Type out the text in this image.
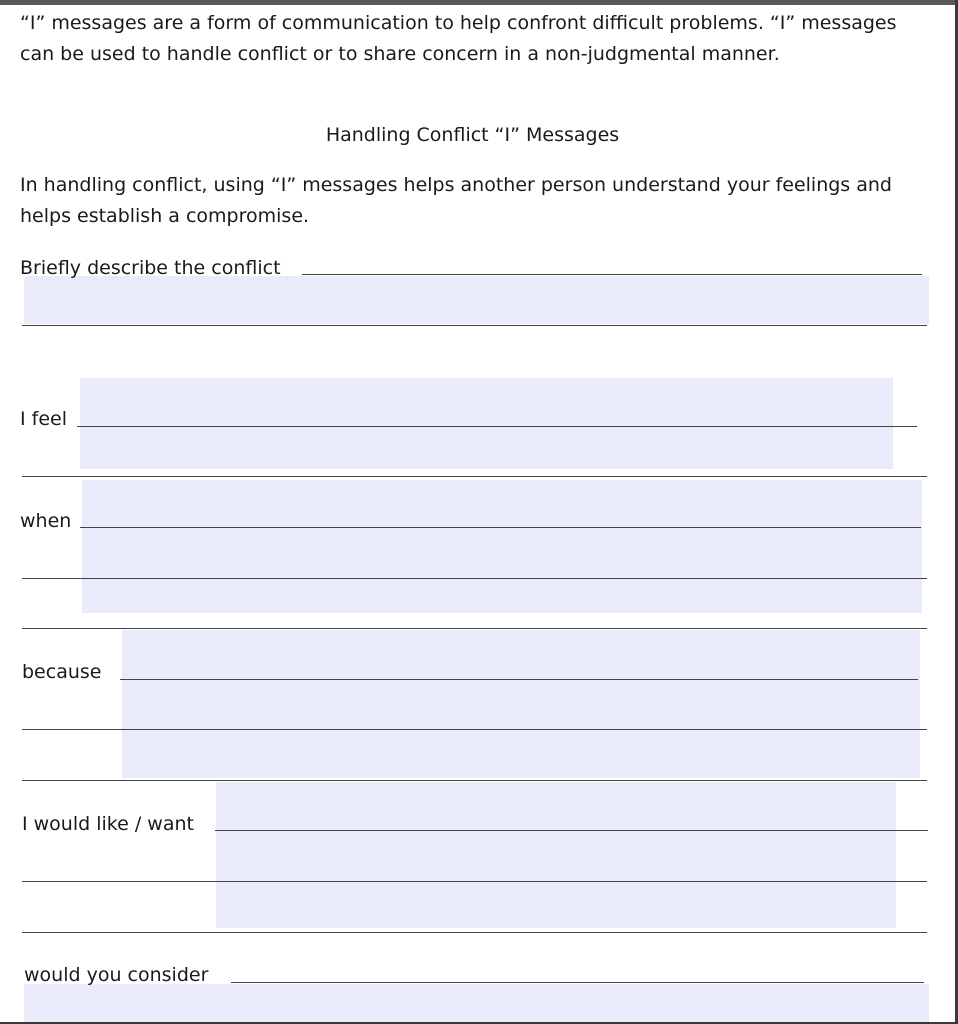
“I” messages are a form of communication to help confront difficult problems. “I” messages can be used to handle conflict or to share concern in a non-judgmental manner.
Handling Conflict “I” Messages
In handling conflict, using “I” messages helps another person understand your feelings and helps establish a compromise.
Briefly describe the conflict
I feel
when
because
I would like / want
would you consider
